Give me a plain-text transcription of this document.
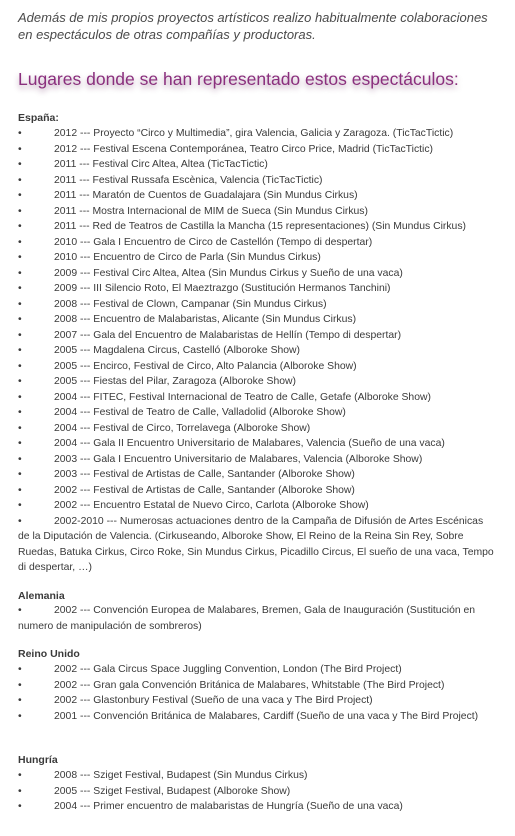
Además de mis propios proyectos artísticos realizo habitualmente colaboraciones en espectáculos de otras compañías y productoras.

Lugares donde se han representado estos espectáculos:
España:
•	2012 --- Proyecto “Circo y Multimedia”, gira Valencia, Galicia y Zaragoza. (TicTacTictic)
•	2012 --- Festival Escena Contemporánea, Teatro Circo Price, Madrid (TicTacTictic)
•	2011 --- Festival Circ Altea, Altea (TicTacTictic)
•	2011 --- Festival Russafa Escènica, Valencia (TicTacTictic)
•	2011 --- Maratón de Cuentos de Guadalajara (Sin Mundus Cirkus)
•	2011 --- Mostra Internacional de MIM de Sueca (Sin Mundus Cirkus)
•	2011 --- Red de Teatros de Castilla la Mancha (15 representaciones) (Sin Mundus Cirkus)
•	2010 --- Gala I Encuentro de Circo de Castellón (Tempo di despertar)
•	2010 --- Encuentro de Circo de Parla (Sin Mundus Cirkus)
•	2009 --- Festival Circ Altea, Altea (Sin Mundus Cirkus y Sueño de una vaca)
•	2009 --- III Silencio Roto, El Maeztrazgo (Sustitución Hermanos Tanchini)
•	2008 --- Festival de Clown, Campanar (Sin Mundus Cirkus)
•	2008 --- Encuentro de Malabaristas, Alicante (Sin Mundus Cirkus)
•	2007 --- Gala del Encuentro de Malabaristas de Hellín (Tempo di despertar)
•	2005 --- Magdalena Circus, Castelló (Alboroke Show)
•	2005 --- Encirco, Festival de Circo, Alto Palancia (Alboroke Show)
•	2005 --- Fiestas del Pilar, Zaragoza (Alboroke Show)
•	2004 --- FITEC, Festival Internacional de Teatro de Calle, Getafe (Alboroke Show)
•	2004 --- Festival de Teatro de Calle, Valladolid (Alboroke Show)
•	2004 --- Festival de Circo, Torrelavega (Alboroke Show)
•	2004 --- Gala II Encuentro Universitario de Malabares, Valencia (Sueño de una vaca)
•	2003 --- Gala I Encuentro Universitario de Malabares, Valencia (Alboroke Show)
•	2003 --- Festival de Artistas de Calle, Santander (Alboroke Show)
•	2002 --- Festival de Artistas de Calle, Santander (Alboroke Show)
•	2002 --- Encuentro Estatal de Nuevo Circo, Carlota (Alboroke Show)
•	2002-2010 --- Numerosas actuaciones dentro de la Campaña de Difusión de Artes Escénicas de la Diputación de Valencia. (Cirkuseando, Alboroke Show, El Reino de la Reina Sin Rey, Sobre Ruedas, Batuka Cirkus, Circo Roke, Sin Mundus Cirkus, Picadillo Circus, El sueño de una vaca, Tempo di despertar, …)
Alemania
•	2002 --- Convención Europea de Malabares, Bremen, Gala de Inauguración (Sustitución en numero de manipulación de sombreros)
Reino Unido
•	2002 --- Gala Circus Space Juggling Convention, London (The Bird Project)
•	2002 --- Gran gala Convención Británica de Malabares, Whitstable (The Bird Project)
•	2002 --- Glastonbury Festival (Sueño de una vaca y The Bird Project)
•	2001 --- Convención Británica de Malabares, Cardiff (Sueño de una vaca y The Bird Project)
Hungría
•	2008 --- Sziget Festival, Budapest (Sin Mundus Cirkus)
•	2005 --- Sziget Festival, Budapest (Alboroke Show)
•	2004 --- Primer encuentro de malabaristas de Hungría (Sueño de una vaca)
